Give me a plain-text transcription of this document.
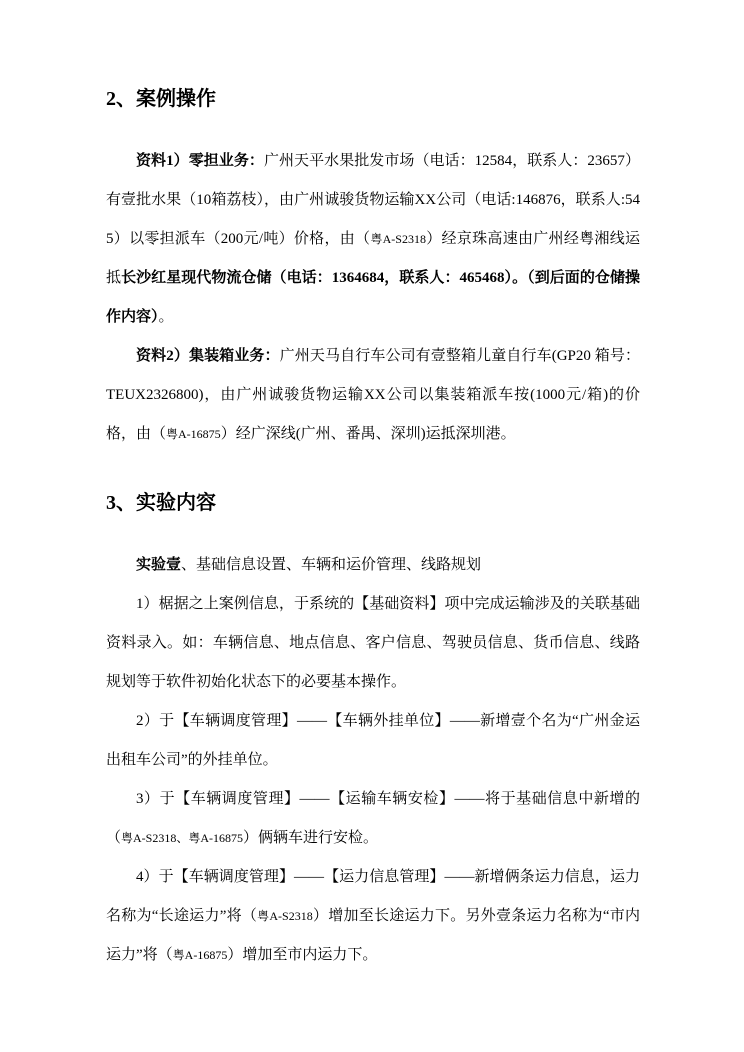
2、案例操作

资料1）零担业务：广州天平水果批发市场（电话：12584，联系人：23657）有壹批水果（10箱荔枝），由广州诚骏货物运输XX公司（电话:146876，联系人:545）以零担派车（200元/吨）价格，由（粤A-S2318）经京珠高速由广州经粤湘线运抵长沙红星现代物流仓储（电话：1364684，联系人：465468）。（到后面的仓储操作内容）。

资料2）集装箱业务：广州天马自行车公司有壹整箱儿童自行车(GP20 箱号：TEUX2326800)，由广州诚骏货物运输XX公司以集装箱派车按(1000元/箱)的价格，由（粤A-16875）经广深线(广州、番禺、深圳)运抵深圳港。

3、实验内容

实验壹、基础信息设置、车辆和运价管理、线路规划

1）椐据之上案例信息，于系统的【基础资料】项中完成运输涉及的关联基础资料录入。如：车辆信息、地点信息、客户信息、驾驶员信息、货币信息、线路规划等于软件初始化状态下的必要基本操作。

2）于【车辆调度管理】——【车辆外挂单位】——新增壹个名为“广州金运出租车公司”的外挂单位。

3）于【车辆调度管理】——【运输车辆安检】——将于基础信息中新增的（粤A-S2318、粤A-16875）俩辆车进行安检。

4）于【车辆调度管理】——【运力信息管理】——新增俩条运力信息，运力名称为“长途运力”将（粤A-S2318）增加至长途运力下。另外壹条运力名称为“市内运力”将（粤A-16875）增加至市内运力下。
